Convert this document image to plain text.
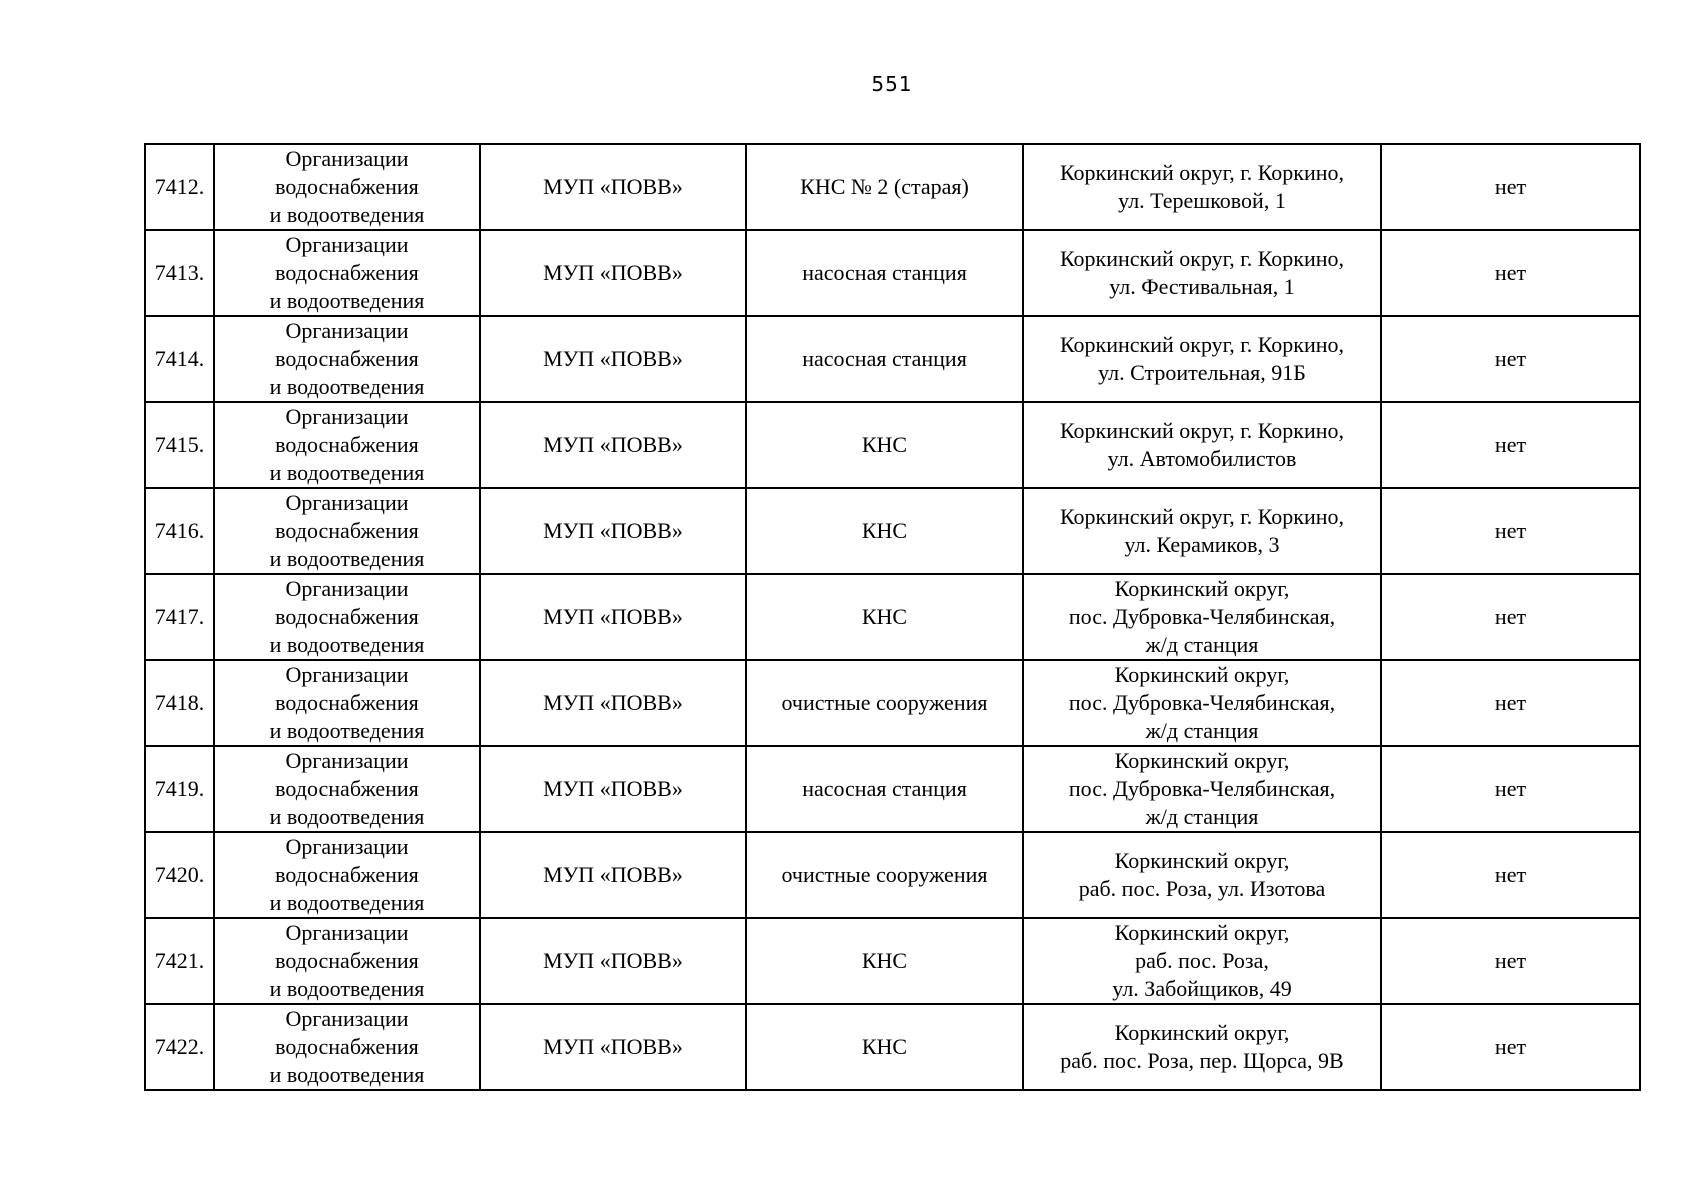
551
7412.	Организации
водоснабжения
и водоотведения	МУП «ПОВВ»	КНС № 2 (старая)	Коркинский округ, г. Коркино,
ул. Терешковой, 1	нет
7413.	Организации
водоснабжения
и водоотведения	МУП «ПОВВ»	насосная станция	Коркинский округ, г. Коркино,
ул. Фестивальная, 1	нет
7414.	Организации
водоснабжения
и водоотведения	МУП «ПОВВ»	насосная станция	Коркинский округ, г. Коркино,
ул. Строительная, 91Б	нет
7415.	Организации
водоснабжения
и водоотведения	МУП «ПОВВ»	КНС	Коркинский округ, г. Коркино,
ул. Автомобилистов	нет
7416.	Организации
водоснабжения
и водоотведения	МУП «ПОВВ»	КНС	Коркинский округ, г. Коркино,
ул. Керамиков, 3	нет
7417.	Организации
водоснабжения
и водоотведения	МУП «ПОВВ»	КНС	Коркинский округ,
пос. Дубровка-Челябинская,
ж/д станция	нет
7418.	Организации
водоснабжения
и водоотведения	МУП «ПОВВ»	очистные сооружения	Коркинский округ,
пос. Дубровка-Челябинская,
ж/д станция	нет
7419.	Организации
водоснабжения
и водоотведения	МУП «ПОВВ»	насосная станция	Коркинский округ,
пос. Дубровка-Челябинская,
ж/д станция	нет
7420.	Организации
водоснабжения
и водоотведения	МУП «ПОВВ»	очистные сооружения	Коркинский округ,
раб. пос. Роза, ул. Изотова	нет
7421.	Организации
водоснабжения
и водоотведения	МУП «ПОВВ»	КНС	Коркинский округ,
раб. пос. Роза,
ул. Забойщиков, 49	нет
7422.	Организации
водоснабжения
и водоотведения	МУП «ПОВВ»	КНС	Коркинский округ,
раб. пос. Роза, пер. Щорса, 9В	нет
